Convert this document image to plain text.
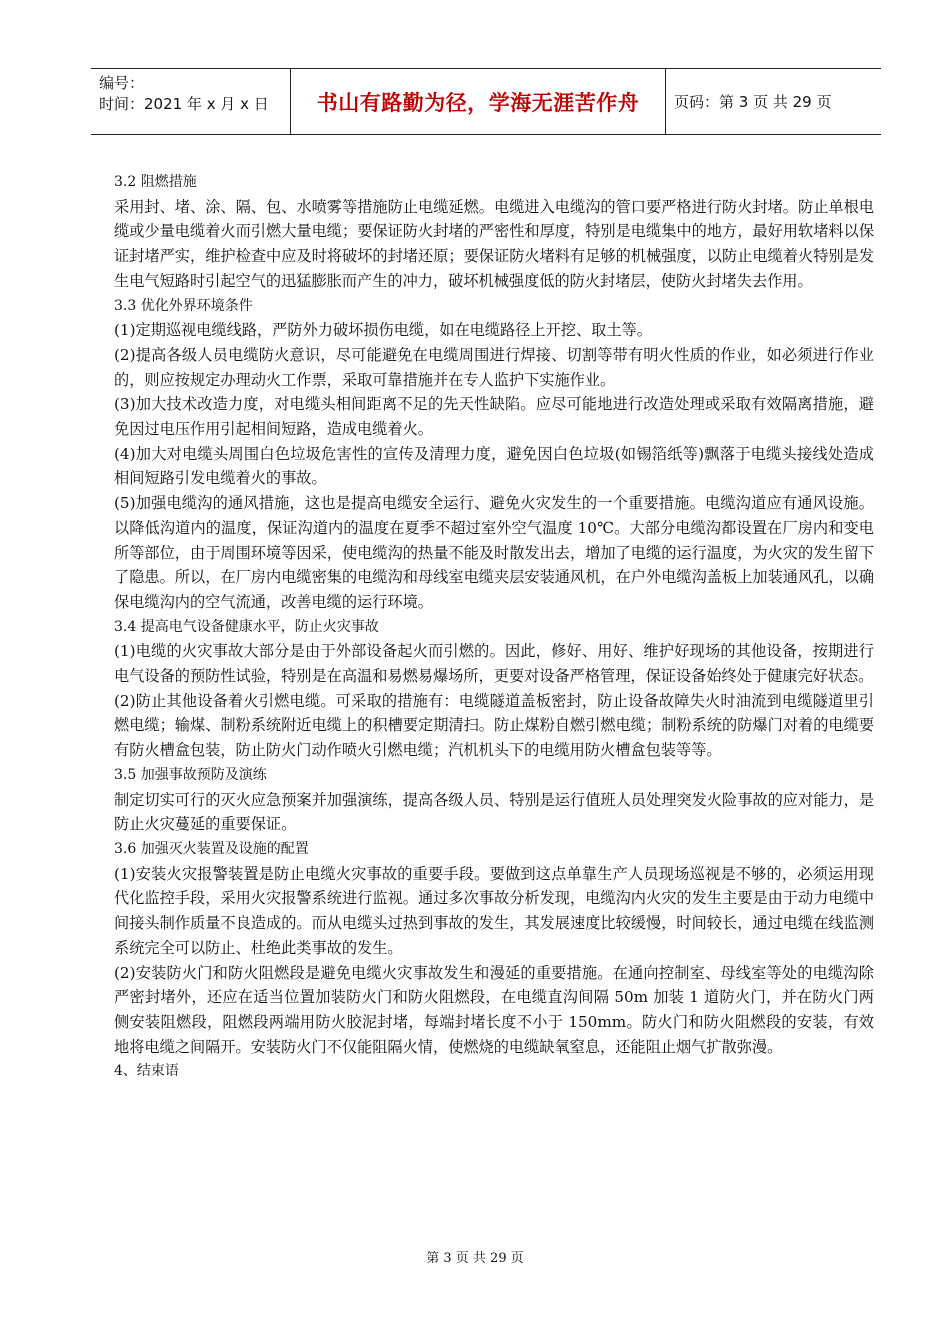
编号：
时间：2021 年 x 月 x 日	书山有路勤为径，学海无涯苦作舟 页码：第 3 页 共 29 页

3.2 阻燃措施

采用封、堵、涂、隔、包、水喷雾等措施防止电缆延燃。电缆进入电缆沟的管口要严格进行防火封堵。防止单根电缆或少量电缆着火而引燃大量电缆；要保证防火封堵的严密性和厚度，特别是电缆集中的地方，最好用软堵料以保证封堵严实，维护检查中应及时将破坏的封堵还原；要保证防火堵料有足够的机械强度，以防止电缆着火特别是发生电气短路时引起空气的迅猛膨胀而产生的冲力，破坏机械强度低的防火封堵层，使防火封堵失去作用。

3.3 优化外界环境条件

(1)定期巡视电缆线路，严防外力破坏损伤电缆，如在电缆路径上开挖、取土等。

(2)提高各级人员电缆防火意识，尽可能避免在电缆周围进行焊接、切割等带有明火性质的作业，如必须进行作业的，则应按规定办理动火工作票，采取可靠措施并在专人监护下实施作业。

(3)加大技术改造力度，对电缆头相间距离不足的先天性缺陷。应尽可能地进行改造处理或采取有效隔离措施，避免因过电压作用引起相间短路，造成电缆着火。

(4)加大对电缆头周围白色垃圾危害性的宣传及清理力度，避免因白色垃圾(如锡箔纸等)飘落于电缆头接线处造成相间短路引发电缆着火的事故。

(5)加强电缆沟的通风措施，这也是提高电缆安全运行、避免火灾发生的一个重要措施。电缆沟道应有通风设施。以降低沟道内的温度，保证沟道内的温度在夏季不超过室外空气温度 10℃。大部分电缆沟都设置在厂房内和变电所等部位，由于周围环境等因采，使电缆沟的热量不能及时散发出去，增加了电缆的运行温度，为火灾的发生留下了隐患。所以，在厂房内电缆密集的电缆沟和母线室电缆夹层安装通风机，在户外电缆沟盖板上加装通风孔，以确保电缆沟内的空气流通，改善电缆的运行环境。

3.4 提高电气设备健康水平，防止火灾事故

(1)电缆的火灾事故大部分是由于外部设备起火而引燃的。因此，修好、用好、维护好现场的其他设备，按期进行电气设备的预防性试验，特别是在高温和易燃易爆场所，更要对设备严格管理，保证设备始终处于健康完好状态。

(2)防止其他设备着火引燃电缆。可采取的措施有：电缆隧道盖板密封，防止设备故障失火时油流到电缆隧道里引燃电缆；输煤、制粉系统附近电缆上的积槽要定期清扫。防止煤粉自燃引燃电缆；制粉系统的防爆门对着的电缆要有防火槽盒包装，防止防火门动作喷火引燃电缆；汽机机头下的电缆用防火槽盒包装等等。

3.5 加强事故预防及演练

制定切实可行的灭火应急预案并加强演练，提高各级人员、特别是运行值班人员处理突发火险事故的应对能力，是防止火灾蔓延的重要保证。

3.6 加强灭火装置及设施的配置

(1)安装火灾报警装置是防止电缆火灾事故的重要手段。要做到这点单靠生产人员现场巡视是不够的，必须运用现代化监控手段，采用火灾报警系统进行监视。通过多次事故分析发现，电缆沟内火灾的发生主要是由于动力电缆中间接头制作质量不良造成的。而从电缆头过热到事故的发生，其发展速度比较缓慢，时间较长，通过电缆在线监测系统完全可以防止、杜绝此类事故的发生。

(2)安装防火门和防火阻燃段是避免电缆火灾事故发生和漫延的重要措施。在通向控制室、母线室等处的电缆沟除严密封堵外，还应在适当位置加装防火门和防火阻燃段，在电缆直沟间隔 50m 加装 1 道防火门，并在防火门两侧安装阻燃段，阻燃段两端用防火胶泥封堵，每端封堵长度不小于 150mm。防火门和防火阻燃段的安装，有效地将电缆之间隔开。安装防火门不仅能阻隔火情，使燃烧的电缆缺氧窒息，还能阻止烟气扩散弥漫。

4、结束语

第 3 页 共 29 页
